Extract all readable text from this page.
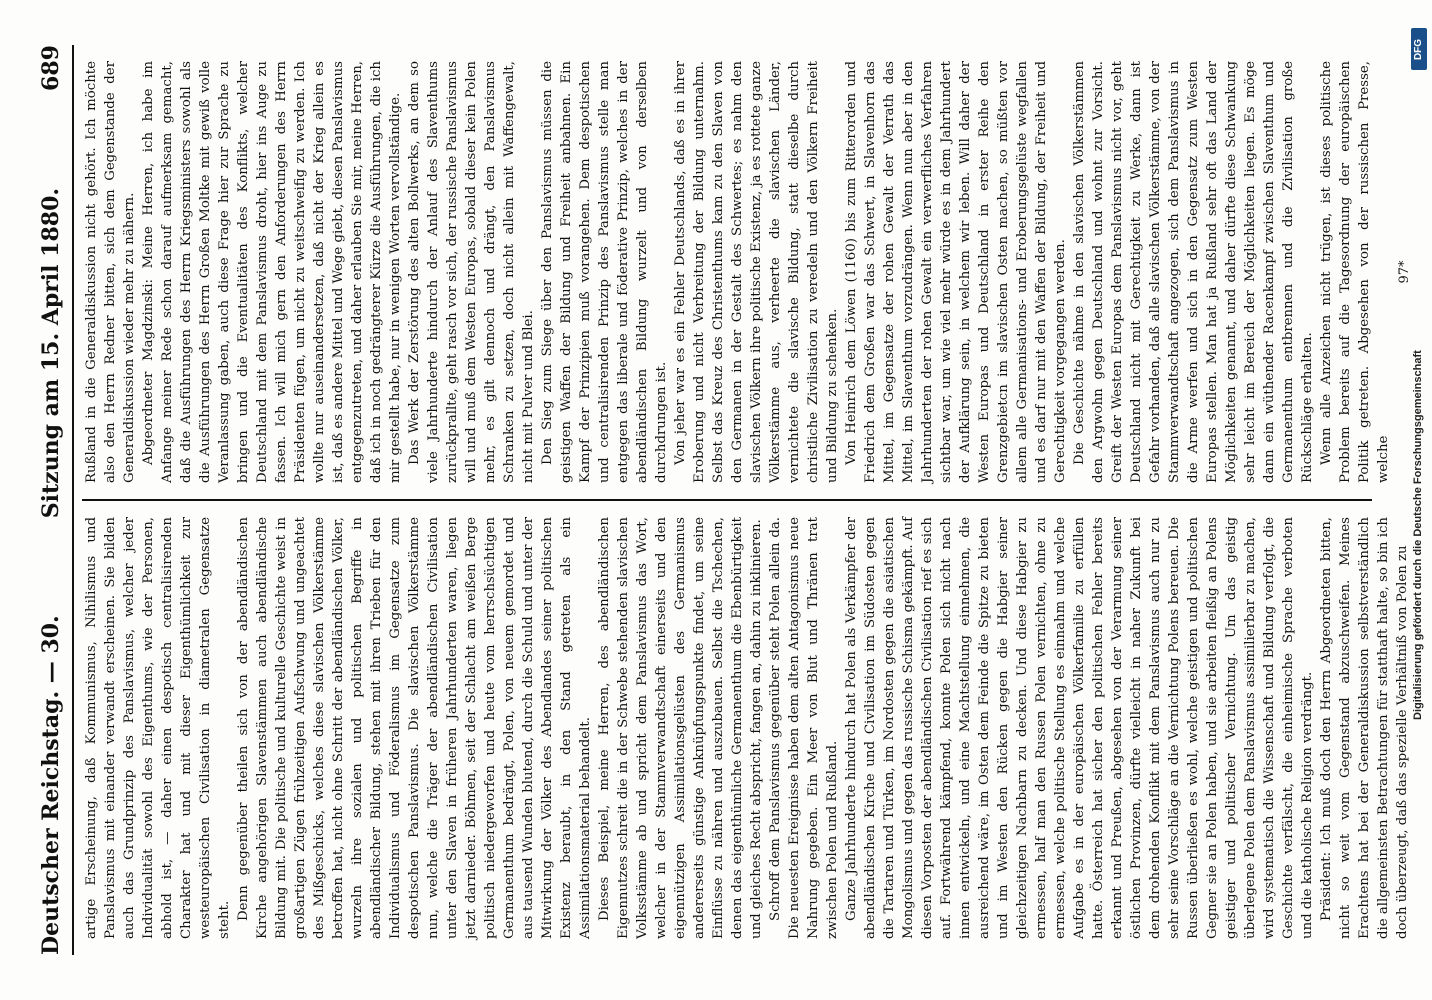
Deutscher Reichstag. — 30.
Sitzung am 15. April 1880.
689

artige Erscheinung, daß Kommunismus, Nihilismus und Panslavismus mit einander verwandt erscheinen. Sie bilden auch das Grundprinzip des Panslavismus, welcher jeder Individualität sowohl des Eigenthums, wie der Personen, abhold ist, — daher einen despotisch centralisirenden Charakter hat und mit dieser Eigenthümlichkeit zur westeuropäischen Civilisation in diametralen Gegensatze steht. Denn gegenüber theilen sich von der abendländischen Kirche angehörigen Slavenstämmen auch abendländische Bildung mit. Die politische und kulturelle Geschichte weist in großartigen Zügen frühzeitigen Aufschwung und ungeachtet des Mißgeschicks, welches diese slavischen Völkerstämme betroffen hat, nicht ohne Schritt der abendländischen Völker, wurzeln ihre sozialen und politischen Begriffe in abendländischer Bildung, stehen mit ihren Trieben für den Individualismus und Föderalismus im Gegensatze zum despotischen Panslavismus. Die slavischen Völkerstämme nun, welche die Träger der abendländischen Civilisation unter den Slaven in früheren Jahrhunderten waren, liegen jetzt darnieder. Böhmen, seit der Schlacht am weißen Berge politisch niedergeworfen und heute vom herrschsüchtigen Germanenthum bedrängt, Polen, von neuem gemordet und aus tausend Wunden blutend, durch die Schuld und unter der Mitwirkung der Völker des Abendlandes seiner politischen Existenz beraubt, in den Stand getreten als ein Assimilationsmaterial behandelt. Dieses Beispiel, meine Herren, des abendländischen Eigennutzes schreit die in der Schwebe stehenden slavischen Volksstämme ab und spricht dem Panslavismus das Wort, welcher in der Stammverwandtschaft einerseits und den eigennützigen Assimilationsgelüsten des Germanismus andererseits günstige Anknüpfungspunkte findet, um seine Einflüsse zu nähren und auszubauen. Selbst die Tschechen, denen das eigenthümliche Germanenthum die Ebenbürtigkeit und gleiches Recht abspricht, fangen an, dahin zu inklinieren. Schroff dem Panslavismus gegenüber steht Polen allein da. Die neuesten Ereignisse haben dem alten Antagonismus neue Nahrung gegeben. Ein Meer von Blut und Thränen trat zwischen Polen und Rußland. Ganze Jahrhunderte hindurch hat Polen als Verkämpfer der abendländischen Kirche und Civilisation im Südosten gegen die Tartaren und Türken, im Nordosten gegen die asiatischen Mongolismus und gegen das russische Schisma gekämpft. Auf diesen Vorposten der abendländischen Civilisation rief es sich auf. Fortwährend kämpfend, konnte Polen sich nicht nach innen entwickeln, und eine Machtstellung einnehmen, die ausreichend wäre, im Osten dem Feinde die Spitze zu bieten und im Westen den Rücken gegen die Habgier seiner gleichzeitigen Nachbarn zu decken. Und diese Habgier zu ermessen, half man den Russen Polen vernichten, ohne zu ermessen, welche politische Stellung es einnahm und welche Aufgabe es in der europäischen Völkerfamilie zu erfüllen hatte. Österreich hat sicher den politischen Fehler bereits erkannt und Preußen, abgesehen von der Verarmung seiner östlichen Provinzen, dürfte vielleicht in naher Zukunft bei dem drohenden Konflikt mit dem Panslavismus auch nur zu sehr seine Vorschläge an die Vernichtung Polens bereuen. Die Russen überließen es wohl, welche geistigen und politischen Gegner sie an Polen haben, und sie arbeiten fleißig an Polens geistiger und politischer Vernichtung. Um das geistig überlegene Polen dem Panslavismus assimilierbar zu machen, wird systematisch die Wissenschaft und Bildung verfolgt, die Geschichte verfälscht, die einheimische Sprache verboten und die katholische Religion verdrängt. Präsident: Ich muß doch den Herrn Abgeordneten bitten, nicht so weit vom Gegenstand abzuschweifen. Meines Erachtens hat bei der Generaldiskussion selbstverständlich die allgemeinsten Betrachtungen für statthaft halte, so bin ich doch überzeugt, daß das spezielle Verhältniß von Polen zu

Rußland in die Generaldiskussion nicht gehört. Ich möchte also den Herrn Redner bitten, sich dem Gegenstande der Generaldiskussion wieder mehr zu nähern. Abgeordneter Magdzinski: Meine Herren, ich habe im Anfange meiner Rede schon darauf aufmerksam gemacht, daß die Ausführungen des Herrn Kriegsministers sowohl als die Ausführungen des Herrn Großen Moltke mit gewiß volle Veranlassung gaben, auch diese Frage hier zur Sprache zu bringen und die Eventualitäten des Konflikts, welcher Deutschland mit dem Panslavismus droht, hier ins Auge zu fassen. Ich will mich gern den Anforderungen des Herrn Präsidenten fügen, um nicht zu weitschweifig zu werden. Ich wollte nur auseinandersetzen, daß nicht der Krieg allein es ist, daß es andere Mittel und Wege giebt, diesen Panslavismus entgegenzutreten, und daher erlauben Sie mir, meine Herren, daß ich in noch gedrängterer Kürze die Ausführungen, die ich mir gestellt habe, nur in wenigen Worten vervollständige. Das Werk der Zerstörung des alten Bollwerks, an dem so viele Jahrhunderte hindurch der Anlauf des Slaventhums zurückprallte, geht rasch vor sich, der russische Panslavismus will und muß dem Westen Europas, sobald dieser kein Polen mehr, es gilt dennoch und drängt, den Panslavismus Schranken zu setzen, doch nicht allein mit Waffengewalt, nicht mit Pulver und Blei. Den Sieg zum Siege über den Panslavismus müssen die geistigen Waffen der Bildung und Freiheit anbahnen. Ein Kampf der Prinzipien muß vorangehen. Dem despotischen und centralisirenden Prinzip des Panslavismus stelle man entgegen das liberale und föderative Prinzip, welches in der abendländischen Bildung wurzelt und von derselben durchdrungen ist. Von jeher war es ein Fehler Deutschlands, daß es in ihrer Eroberung und nicht Verbreitung der Bildung unternahm. Selbst das Kreuz des Christenthums kam zu den Slaven von den Germanen in der Gestalt des Schwertes; es nahm den slavischen Völkern ihre politische Existenz, ja es rottete ganze Völkerstämme aus, verheerte die slavischen Länder, vernichtete die slavische Bildung, statt dieselbe durch christliche Zivilisation zu veredeln und den Völkern Freiheit und Bildung zu schenken. Von Heinrich dem Löwen (1160) bis zum Ritterorden und Friedrich dem Großen war das Schwert, in Slavenhorn das Mittel, im Gegensatze der rohen Gewalt der Verrath das Mittel, im Slaventhum vorzudrängen. Wenn nun aber in den Jahrhunderten der rohen Gewalt ein verwerfliches Verfahren sichtbar war, um wie viel mehr würde es in dem Jahrhundert der Aufklärung sein, in welchem wir leben. Will daher der Westen Europas und Deutschland in erster Reihe den Grenzgebietcn im slavischen Osten machen, so müßten vor allem alle Germanisations- und Eroberungsgelüste wegfallen und es darf nur mit den Waffen der Bildung, der Freiheit und Gerechtigkeit vorgegangen werden. Die Geschichte nähme in den slavischen Völkerstämmen den Argwohn gegen Deutschland und wohnt zur Vorsicht. Greift der Westen Europas dem Panslavismus nicht vor, geht Deutschland nicht mit Gerechtigkeit zu Werke, dann ist Gefahr vorhanden, daß alle slavischen Völkerstämme, von der Stammverwandtschaft angezogen, sich dem Panslavismus in die Arme werfen und sich in den Gegensatz zum Westen Europas stellen. Man hat ja Rußland sehr oft das Land der Möglichkeiten genannt, und daher dürfte diese Schwankung sehr leicht im Bereich der Möglichkeiten liegen. Es möge dann ein wüthender Racenkampf zwischen Slaventhum und Germanenthum entbrennen und die Zivilisation große Rückschläge erhalten. Wenn alle Anzeichen nicht trügen, ist dieses politische Problem bereits auf die Tagesordnung der europäischen Politik getreten. Abgesehen von der russischen Presse, welche

97*
DFG
Digitalisierung gefördert durch die Deutsche Forschungsgemeinschaft
